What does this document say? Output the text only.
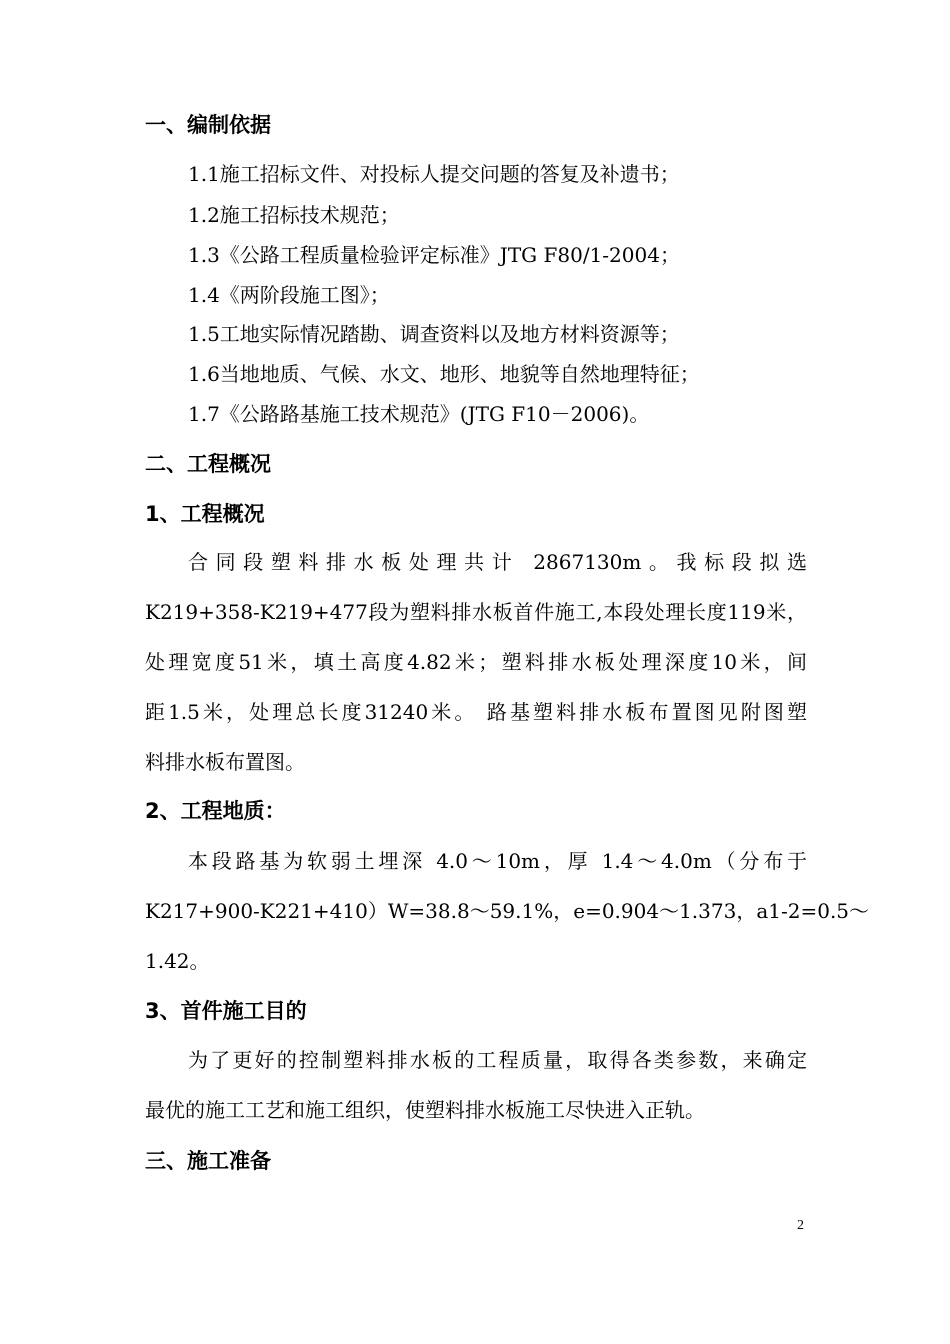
一、编制依据
1.1施工招标文件、对投标人提交问题的答复及补遗书；
1.2施工招标技术规范；
1.3《公路工程质量检验评定标准》JTG F80/1-2004；
1.4《两阶段施工图》；
1.5工地实际情况踏勘、调查资料以及地方材料资源等；
1.6当地地质、气候、水文、地形、地貌等自然地理特征；
1.7《公路路基施工技术规范》(JTG F10－2006)。
二、工程概况
1、工程概况
合同段塑料排水板处理共计 2867130m。我标段拟选
K219+358-K219+477段为塑料排水板首件施工,本段处理长度119米，
处理宽度51米，填土高度4.82米；塑料排水板处理深度10米，间
距1.5米，处理总长度31240米。 路基塑料排水板布置图见附图塑
料排水板布置图。
2、工程地质：
本段路基为软弱土埋深 4.0～10m，厚 1.4～4.0m（分布于
K217+900-K221+410）W=38.8～59.1%，e=0.904～1.373，a1-2=0.5～
1.42。
3、首件施工目的
为了更好的控制塑料排水板的工程质量，取得各类参数，来确定
最优的施工工艺和施工组织，使塑料排水板施工尽快进入正轨。
三、施工准备
2
